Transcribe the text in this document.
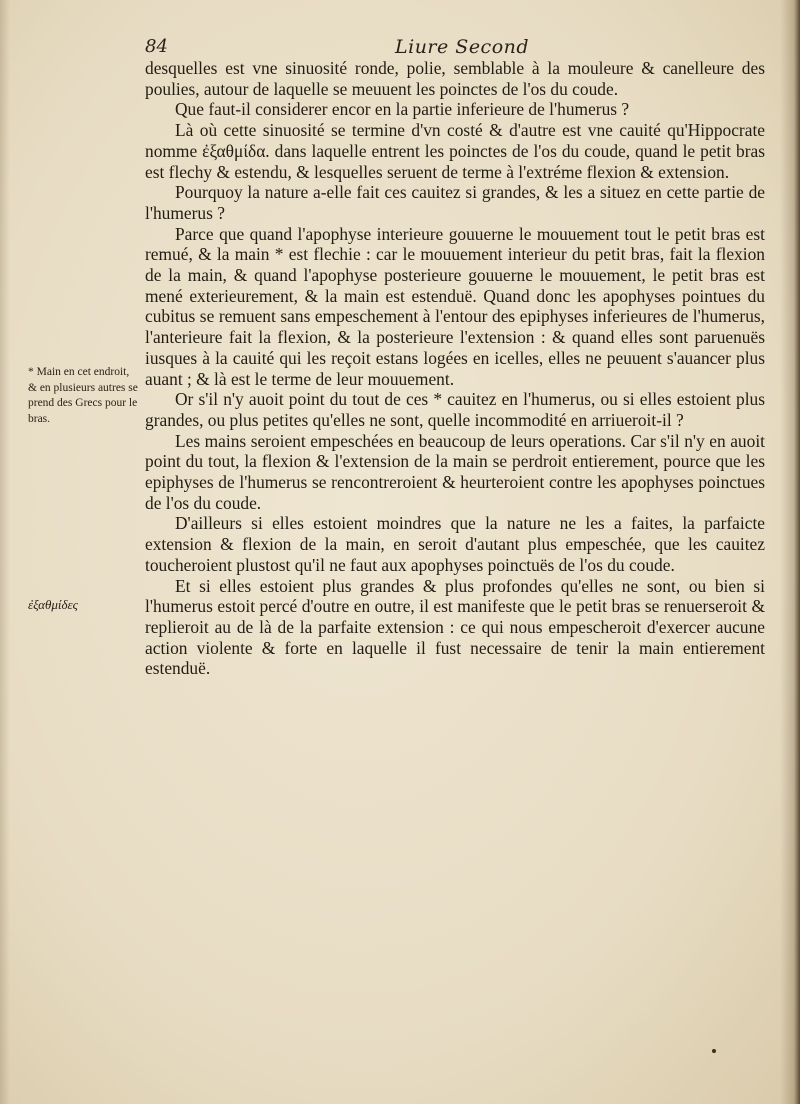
84	Liure Second

desquelles est vne sinuosité ronde, polie, semblable à la mouleure & canelleure des poulies, autour de laquelle se meuuent les poinctes de l'os du coude.

Que faut-il considerer encor en la partie inferieure de l'humerus ?

Là où cette sinuosité se termine d'vn costé & d'autre est vne cauité qu'Hippocrate nomme ἐξαθμίδα. dans laquelle entrent les poinctes de l'os du coude, quand le petit bras est flechy & estendu, & lesquelles seruent de terme à l'extréme flexion & extension.

Pourquoy la nature a-elle fait ces cauitez si grandes, & les a situez en cette partie de l'humerus ?

Parce que quand l'apophyse interieure gouuerne le mouuement tout le petit bras est remué, & la main * est flechie : car le mouuement interieur du petit bras, fait la flexion de la main, & quand l'apophyse posterieure gouuerne le mouuement, le petit bras est mené exterieurement, & la main est estenduë. Quand donc les apophyses pointues du cubitus se remuent sans empeschement à l'entour des epiphyses inferieures de l'humerus, l'anterieure fait la flexion, & la posterieure l'extension : & quand elles sont paruenuës iusques à la cauité qui les reçoit estans logées en icelles, elles ne peuuent s'auancer plus auant ; & là est le terme de leur mouuement.

Or s'il n'y auoit point du tout de ces * cauitez en l'humerus, ou si elles estoient plus grandes, ou plus petites qu'elles ne sont, quelle incommodité en arriueroit-il ?

Les mains seroient empeschées en beaucoup de leurs operations. Car s'il n'y en auoit point du tout, la flexion & l'extension de la main se perdroit entierement, pource que les epiphyses de l'humerus se rencontreroient & heurteroient contre les apophyses poinctues de l'os du coude.

D'ailleurs si elles estoient moindres que la nature ne les a faites, la parfaicte extension & flexion de la main, en seroit d'autant plus empeschée, que les cauitez toucheroient plustost qu'il ne faut aux apophyses poinctuës de l'os du coude.

Et si elles estoient plus grandes & plus profondes qu'elles ne sont, ou bien si l'humerus estoit percé d'outre en outre, il est manifeste que le petit bras se renuerseroit & replieroit au de là de la parfaite extension : ce qui nous empescheroit d'exercer aucune action violente & forte en laquelle il fust necessaire de tenir la main entierement estenduë.

* Main en cet endroit, & en plusieurs autres se prend des Grecs pour le bras.
ἐξαθμίδες
